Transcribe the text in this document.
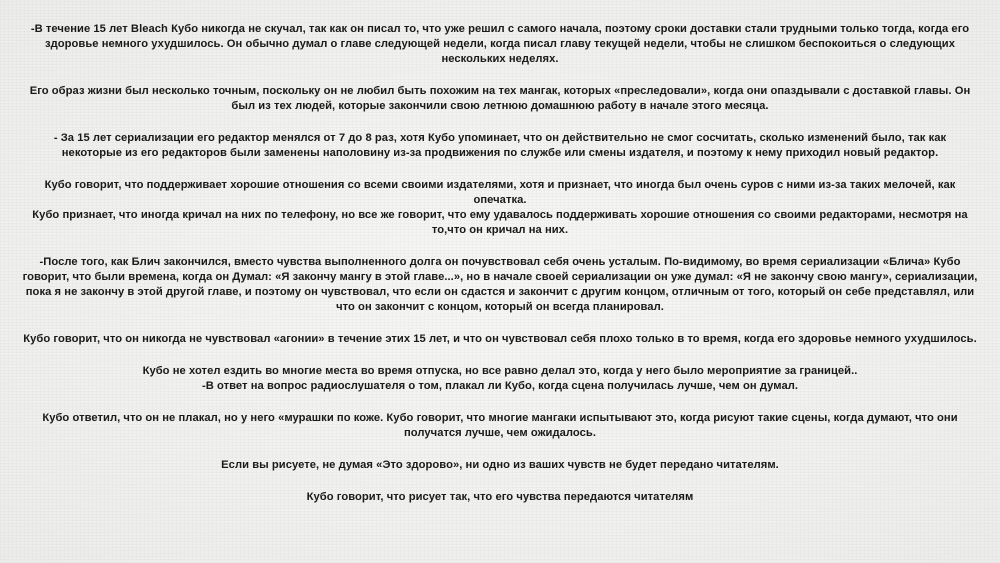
-В течение 15 лет Bleach Кубо никогда не скучал, так как он писал то, что уже решил с самого начала, поэтому сроки доставки стали трудными только тогда, когда его
здоровье немного ухудшилось. Он обычно думал о главе следующей недели, когда писал главу текущей недели, чтобы не слишком беспокоиться о следующих
нескольких неделях.

Его образ жизни был несколько точным, поскольку он не любил быть похожим на тех мангак, которых «преследовали», когда они опаздывали с доставкой главы. Он
был из тех людей, которые закончили свою летнюю домашнюю работу в начале этого месяца.

- За 15 лет сериализации его редактор менялся от 7 до 8 раз, хотя Кубо упоминает, что он действительно не смог сосчитать, сколько изменений было, так как
некоторые из его редакторов были заменены наполовину из-за продвижения по службе или смены издателя, и поэтому к нему приходил новый редактор.

Кубо говорит, что поддерживает хорошие отношения со всеми своими издателями, хотя и признает, что иногда был очень суров с ними из-за таких мелочей, как
опечатка.
Кубо признает, что иногда кричал на них по телефону, но все же говорит, что ему удавалось поддерживать хорошие отношения со своими редакторами, несмотря на
то,что он кричал на них.

-После того, как Блич закончился, вместо чувства выполненного долга он почувствовал себя очень усталым. По-видимому, во время сериализации «Блича» Кубо
говорит, что были времена, когда он Думал: «Я закончу мангу в этой главе...», но в начале своей сериализации он уже думал: «Я не закончу свою мангу», сериализации,
пока я не закончу в этой другой главе, и поэтому он чувствовал, что если он сдастся и закончит с другим концом, отличным от того, который он себе представлял, или
что он закончит с концом, который он всегда планировал.

Кубо говорит, что он никогда не чувствовал «агонии» в течение этих 15 лет, и что он чувствовал себя плохо только в то время, когда его здоровье немного ухудшилось.

Кубо не хотел ездить во многие места во время отпуска, но все равно делал это, когда у него было мероприятие за границей..
-В ответ на вопрос радиослушателя о том, плакал ли Кубо, когда сцена получилась лучше, чем он думал.

Кубо ответил, что он не плакал, но у него «мурашки по коже. Кубо говорит, что многие мангаки испытывают это, когда рисуют такие сцены, когда думают, что они
получатся лучше, чем ожидалось.

Если вы рисуете, не думая «Это здорово», ни одно из ваших чувств не будет передано читателям.

Кубо говорит, что рисует так, что его чувства передаются читателям
